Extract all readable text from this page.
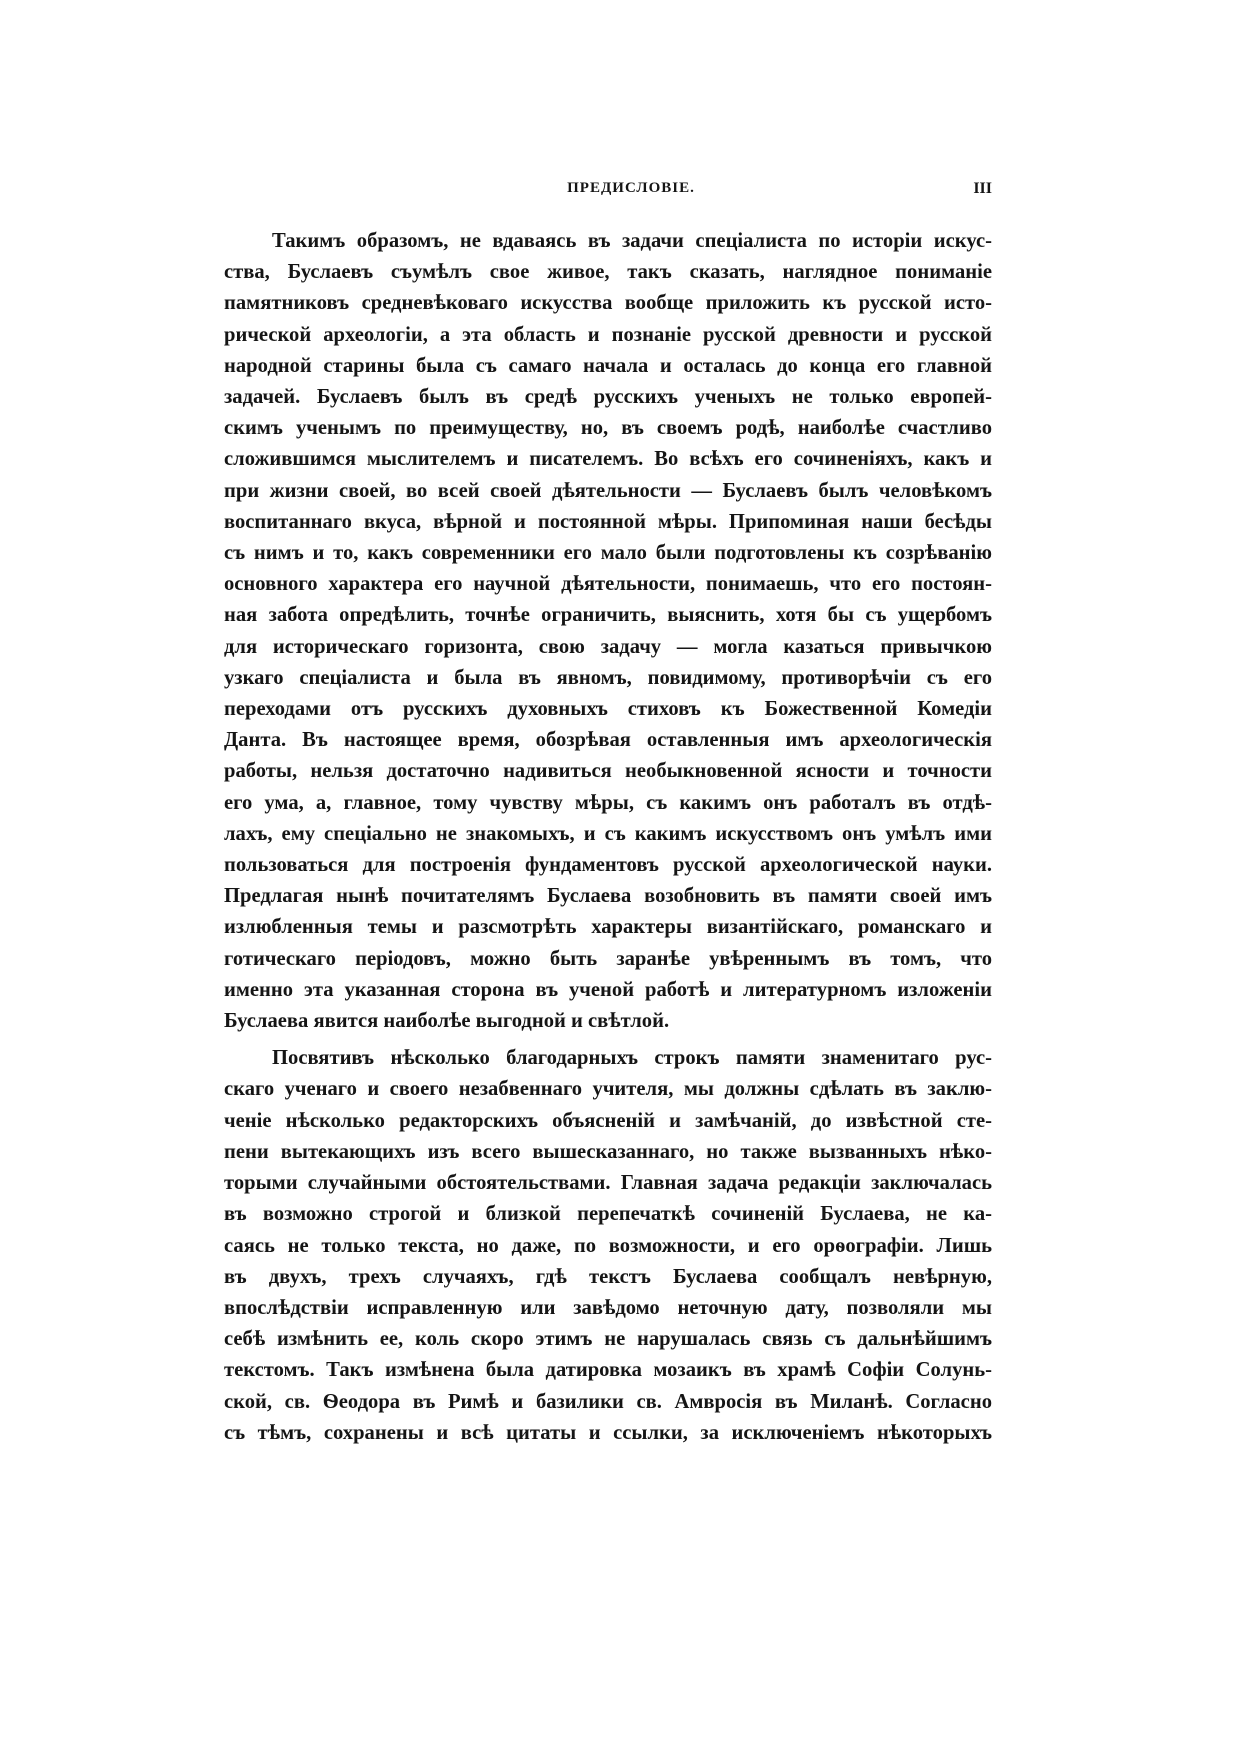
ПРЕДИСЛОВІЕ.	III

Такимъ образомъ, не вдаваясь въ задачи спеціалиста по исторіи искус-
ства, Буслаевъ съумѣлъ свое живое, такъ сказать, наглядное пониманіе
памятниковъ средневѣковаго искусства вообще приложить къ русской исто-
рической археологіи, а эта область и познаніе русской древности и русской
народной старины была съ самаго начала и осталась до конца его главной
задачей. Буслаевъ былъ въ средѣ русскихъ ученыхъ не только европей-
скимъ ученымъ по преимуществу, но, въ своемъ родѣ, наиболѣе счастливо
сложившимся мыслителемъ и писателемъ. Во всѣхъ его сочиненіяхъ, какъ и
при жизни своей, во всей своей дѣятельности — Буслаевъ былъ человѣкомъ
воспитаннаго вкуса, вѣрной и постоянной мѣры. Припоминая наши бесѣды
съ нимъ и то, какъ современники его мало были подготовлены къ созрѣванію
основного характера его научной дѣятельности, понимаешь, что его постоян-
ная забота опредѣлить, точнѣе ограничить, выяснить, хотя бы съ ущербомъ
для историческаго горизонта, свою задачу — могла казаться привычкою
узкаго спеціалиста и была въ явномъ, повидимому, противорѣчіи съ его
переходами отъ русскихъ духовныхъ стиховъ къ Божественной Комедіи
Данта. Въ настоящее время, обозрѣвая оставленныя имъ археологическія
работы, нельзя достаточно надивиться необыкновенной ясности и точности
его ума, а, главное, тому чувству мѣры, съ какимъ онъ работалъ въ отдѣ-
лахъ, ему спеціально не знакомыхъ, и съ какимъ искусствомъ онъ умѣлъ ими
пользоваться для построенія фундаментовъ русской археологической науки.
Предлагая нынѣ почитателямъ Буслаева возобновить въ памяти своей имъ
излюбленныя темы и разсмотрѣть характеры византійскаго, романскаго и
готическаго періодовъ, можно быть заранѣе увѣреннымъ въ томъ, что
именно эта указанная сторона въ ученой работѣ и литературномъ изложеніи
Буслаева явится наиболѣе выгодной и свѣтлой.

Посвятивъ нѣсколько благодарныхъ строкъ памяти знаменитаго рус-
скаго ученаго и своего незабвеннаго учителя, мы должны сдѣлать въ заклю-
ченіе нѣсколько редакторскихъ объясненій и замѣчаній, до извѣстной сте-
пени вытекающихъ изъ всего вышесказаннаго, но также вызванныхъ нѣко-
торыми случайными обстоятельствами. Главная задача редакціи заключалась
въ возможно строгой и близкой перепечаткѣ сочиненій Буслаева, не ка-
саясь не только текста, но даже, по возможности, и его орѳографіи. Лишь
въ двухъ, трехъ случаяхъ, гдѣ текстъ Буслаева сообщалъ невѣрную,
впослѣдствіи исправленную или завѣдомо неточную дату, позволяли мы
себѣ измѣнить ее, коль скоро этимъ не нарушалась связь съ дальнѣйшимъ
текстомъ. Такъ измѣнена была датировка мозаикъ въ храмѣ Софіи Солунь-
ской, св. Ѳеодора въ Римѣ и базилики св. Амвросія въ Миланѣ. Согласно
съ тѣмъ, сохранены и всѣ цитаты и ссылки, за исключеніемъ нѣкоторыхъ
